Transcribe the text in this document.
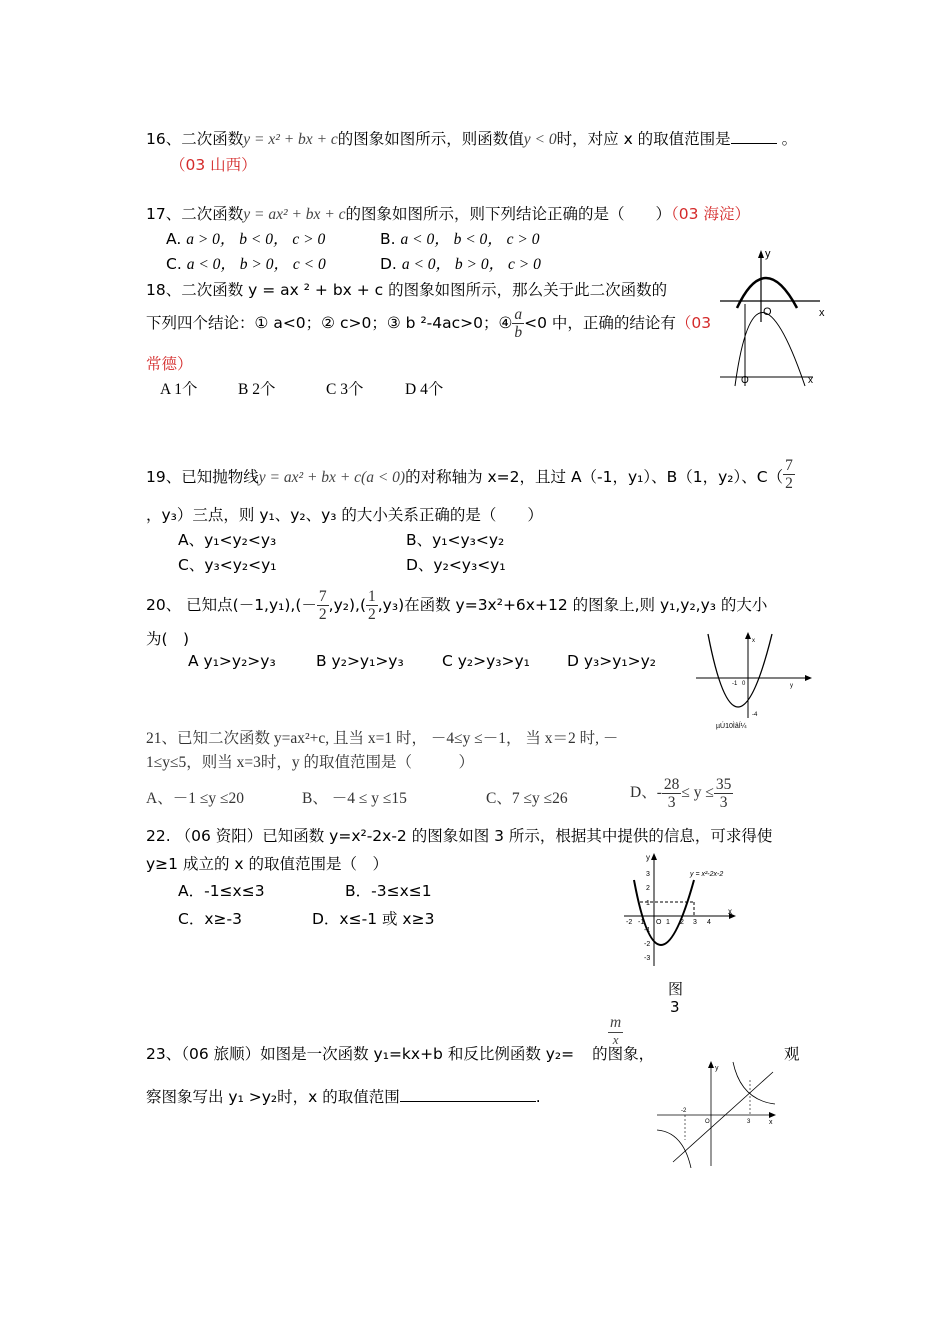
16、二次函数y = x² + bx + c的图象如图所示，则函数值y < 0时，对应 x 的取值范围是	。
（03 山西）
17、二次函数y = ax² + bx + c的图象如图所示，则下列结论正确的是（　　）（03 海淀）
A. a > 0， b < 0， c > 0	B. a < 0， b < 0， c > 0
C. a < 0， b > 0， c < 0	D. a < 0， b > 0， c > 0
18、二次函数 y = ax ² + bx + c 的图象如图所示，那么关于此二次函数的
下列四个结论：① a<0；② c>0；③ b ²-4ac>0；④ $\frac{a}{b} <0$ 中，正确的结论有（03
常德）
A 1个	B 2个	C 3个	D 4个
y
x
O
O	x
19、已知抛物线y = ax² + bx + c(a < 0)的对称轴为 x=2，且过 A（-1，y₁）、B（1，y₂）、$C( \frac{7}{2}$
，y₃）三点，则 y₁、y₂、y₃ 的大小关系正确的是（　　）
A、y₁<y₂<y₃	B、y₁<y₃<y₂
C、y₃<y₂<y₁	D、y₂<y₃<y₁
20、 已知点$(-1,y_1),(- \frac{7}{2} ,y_2),( \frac{1}{2} ,y_3)$在函数 y=3x²+6x+12 的图象上,则 y₁,y₂,y₃ 的大小
为(　)
A y₁>y₂>y₃	B y₂>y₁>y₃ C y₂>y₃>y₁ D y₃>y₁>y₂
x
y
-1 0
-4
µÚ10ÌâÍ¼
21、已知二次函数 y=ax²+c, 且当 x=1 时， －4≤y ≤－1， 当 x＝2 时, －
1≤y≤5，则当 x=3时，y 的取值范围是（　　　）
A、－1 ≤y ≤20	B、 －4 ≤ y ≤15	C、7 ≤y ≤26	D、- $\frac{28}{3} \le y \le \frac{35}{3}$
22. （06 资阳）已知函数 y=x²-2x-2 的图象如图 3 所示，根据其中提供的信息，可求得使
y≥1 成立的 x 的取值范围是（　）
A．-1≤x≤3	B．-3≤x≤1
C．x≥-3	D．x≤-1 或 x≥3
y
x
y = x²-2x-2
3
2
1
-1
-2
-3
-2 -1 O 1 2 3 4
图
3
m
x
23、（06 旅顺）如图是一次函数 y₁=kx+b 和反比例函数 y₂= 的图象，	观
察图象写出 y₁ >y₂时，x 的取值范围	.
y
x
O
-2
3
